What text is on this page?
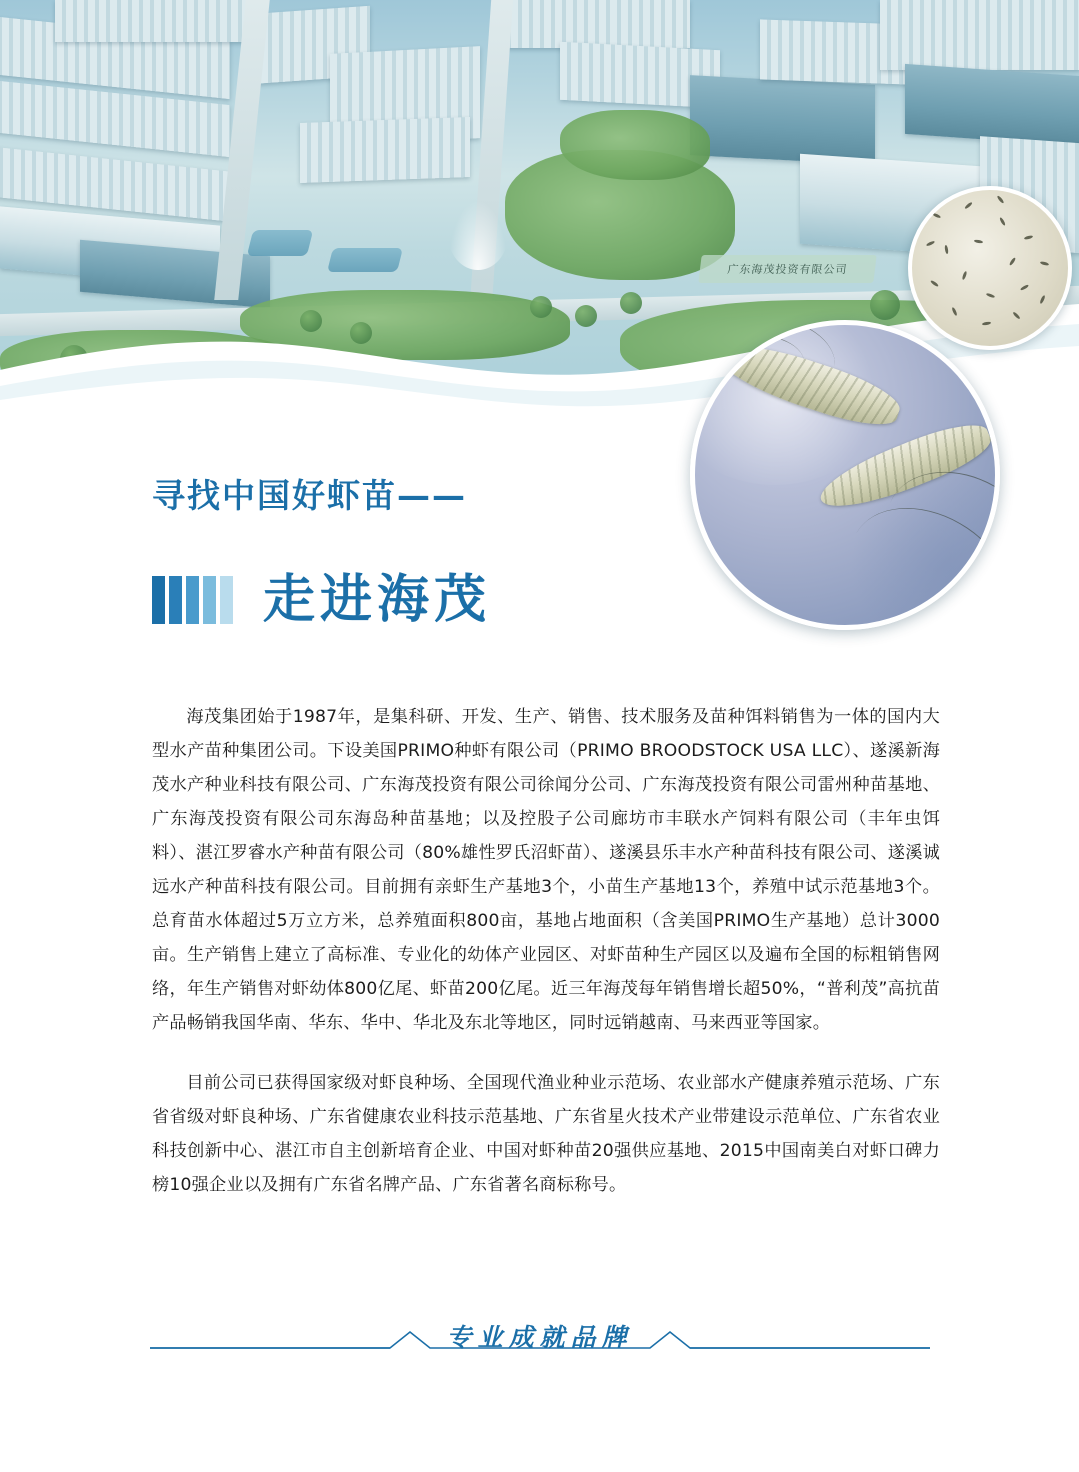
广东海茂投资有限公司
寻找中国好虾苗——
走进海茂

海茂集团始于1987年，是集科研、开发、生产、销售、技术服务及苗种饵料销售为一体的国内大型水产苗种集团公司。下设美国PRIMO种虾有限公司（PRIMO BROODSTOCK USA LLC）、遂溪新海茂水产种业科技有限公司、广东海茂投资有限公司徐闻分公司、广东海茂投资有限公司雷州种苗基地、广东海茂投资有限公司东海岛种苗基地；以及控股子公司廊坊市丰联水产饲料有限公司（丰年虫饵料）、湛江罗睿水产种苗有限公司（80%雄性罗氏沼虾苗）、遂溪县乐丰水产种苗科技有限公司、遂溪诚远水产种苗科技有限公司。目前拥有亲虾生产基地3个，小苗生产基地13个，养殖中试示范基地3个。总育苗水体超过5万立方米，总养殖面积800亩，基地占地面积（含美国PRIMO生产基地）总计3000亩。生产销售上建立了高标准、专业化的幼体产业园区、对虾苗种生产园区以及遍布全国的标粗销售网络，年生产销售对虾幼体800亿尾、虾苗200亿尾。近三年海茂每年销售增长超50%，“普利茂”高抗苗产品畅销我国华南、华东、华中、华北及东北等地区，同时远销越南、马来西亚等国家。

目前公司已获得国家级对虾良种场、全国现代渔业种业示范场、农业部水产健康养殖示范场、广东省省级对虾良种场、广东省健康农业科技示范基地、广东省星火技术产业带建设示范单位、广东省农业科技创新中心、湛江市自主创新培育企业、中国对虾种苗20强供应基地、2015中国南美白对虾口碑力榜10强企业以及拥有广东省名牌产品、广东省著名商标称号。

专业成就品牌
